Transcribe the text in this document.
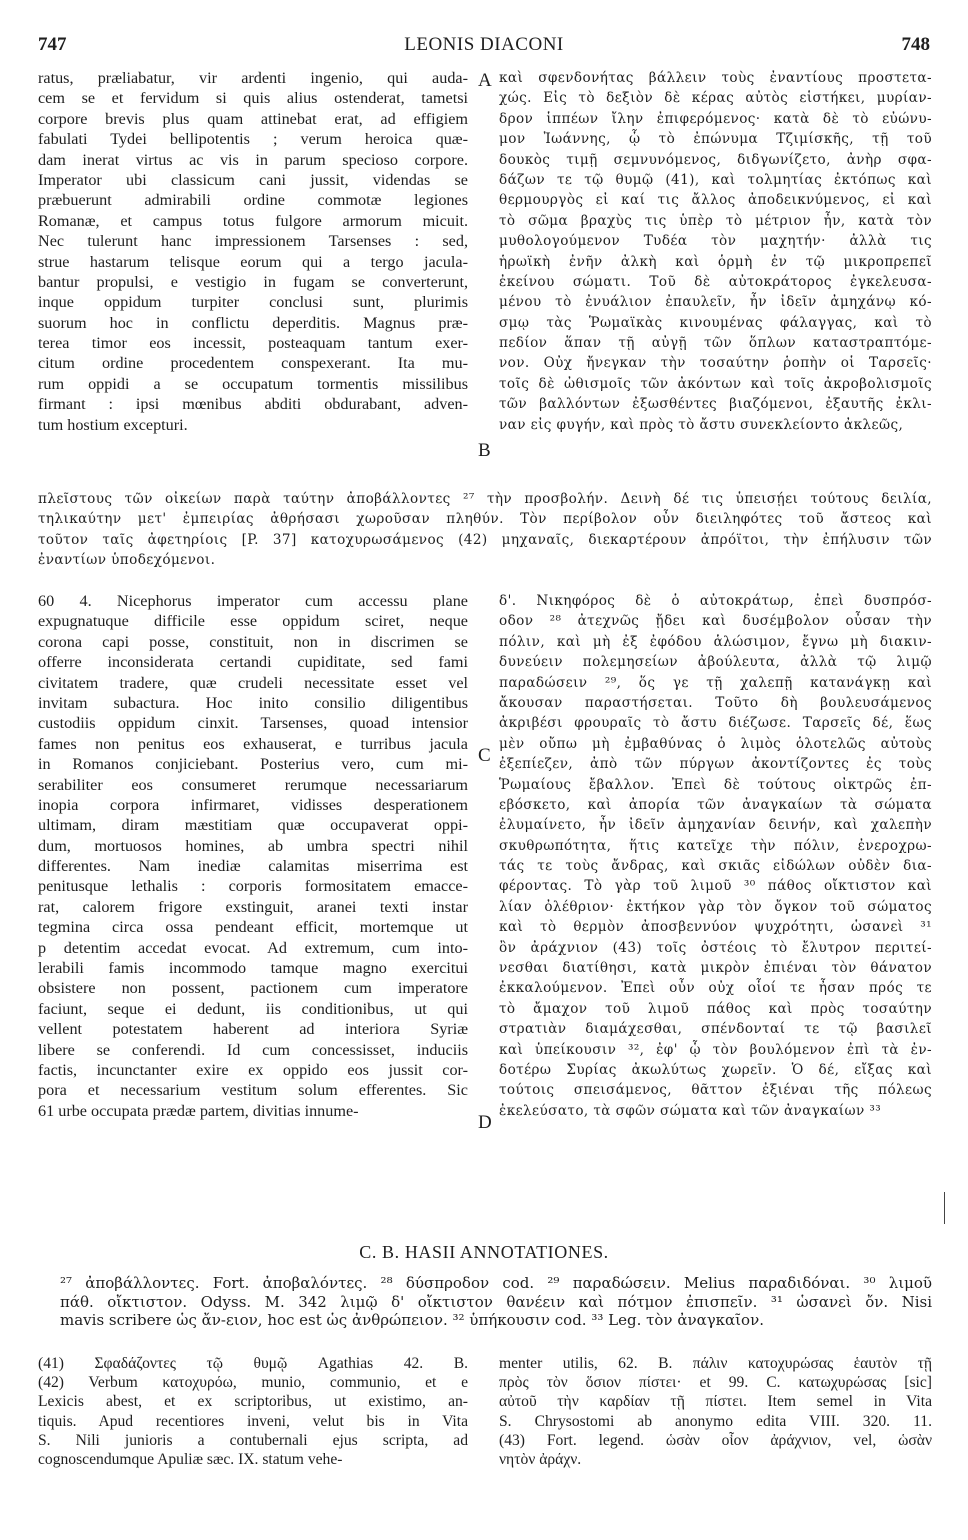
747	LEONIS DIACONI	748
ratus, præliabatur, vir ardenti ingenio, qui auda-
cem se et fervidum si quis alius ostenderat, tametsi
corpore brevis plus quam attinebat erat, ad effigiem
fabulati Tydei bellipotentis ; verum heroica quæ-
dam inerat virtus ac vis in parum specioso corpore.
Imperator ubi classicum cani jussit, videndas se
præbuerunt admirabili ordine commotæ legiones
Romanæ, et campus totus fulgore armorum micuit.
Nec tulerunt hanc impressionem Tarsenses : sed,
strue hastarum telisque eorum qui a tergo jacula-
bantur propulsi, e vestigio in fugam se converterunt,
inque oppidum turpiter conclusi sunt, plurimis
suorum hoc in conflictu deperditis. Magnus præ-
terea timor eos incessit, posteaquam tantum exer-
citum ordine procedentem conspexerant. Ita mu-
rum oppidi a se occupatum tormentis missilibus
firmant : ipsi mœnibus abditi obdurabant, adven-
tum hostium excepturi.
καὶ σφενδονήτας βάλλειν τοὺς ἐναντίους προστετα-
χώς. Εἰς τὸ δεξιὸν δὲ κέρας αὐτὸς εἱστήκει, μυρίαν-
δρον ἱππέων ἴλην ἐπιφερόμενος· κατὰ δὲ τὸ εὐώνυ-
μον Ἰωάννης, ᾧ τὸ ἐπώνυμα Τζιμίσκῆς, τῇ τοῦ
δουκὸς τιμῇ σεμνυνόμενος, διδγωνίζετο, ἀνὴρ σφα-
δάζων τε τῷ θυμῷ (41), καὶ τολμητίας ἐκτόπως καὶ
θερμουργὸς εἰ καί τις ἄλλος ἀποδεικνύμενος, εἰ καὶ
τὸ σῶμα βραχὺς τις ὑπὲρ τὸ μέτριον ἦν, κατὰ τὸν
μυθολογούμενον Τυδέα τὸν μαχητήν· ἀλλὰ τις
ἡρωϊκὴ ἐνῆν ἀλκὴ καὶ ὁρμὴ ἐν τῷ μικροπρεπεῖ
ἐκείνου σώματι. Τοῦ δὲ αὐτοκράτορος ἐγκελευσα-
μένου τὸ ἐνυάλιον ἐπαυλεῖν, ἦν ἰδεῖν ἀμηχάνῳ κό-
σμῳ τὰς Ῥωμαϊκὰς κινουμένας φάλαγγας, καὶ τὸ
πεδίον ἅπαν τῇ αὐγῇ τῶν ὅπλων καταστραπτόμε-
νον. Οὐχ ἤνεγκαν τὴν τοσαύτην ῥοπὴν οἱ Ταρσεῖς·
τοῖς δὲ ὠθισμοῖς τῶν ἀκόντων καὶ τοῖς ἀκροβολισμοῖς
τῶν βαλλόντων ἐξωσθέντες βιαζόμενοι, ἐξαυτῆς ἐκλι-
ναν εἰς φυγήν, καὶ πρὸς τὸ ἄστυ συνεκλείοντο ἀκλεῶς,
πλεῖστους τῶν οἰκείων παρὰ ταύτην ἀποβάλλοντες ²⁷ τὴν προσβολήν. Δεινὴ δέ τις ὑπεισῄει τούτους δειλία,
τηλικαύτην μετ' ἐμπειρίας ἀθρήσασι χωροῦσαν πληθύν. Τὸν περίβολον οὖν διειληφότες τοῦ ἄστεος καὶ
τοῦτον ταῖς ἀφετηρίοις [P. 37] κατοχυρωσάμενος (42) μηχαναῖς, διεκαρτέρουν ἀπρόϊτοι, τὴν ἐπήλυσιν τῶν
ἐναντίων ὑποδεχόμενοι.
60 4. Nicephorus imperator cum accessu plane
expugnatuque difficile esse oppidum sciret, neque
corona capi posse, constituit, non in discrimen se
offerre inconsiderata certandi cupiditate, sed fami
civitatem tradere, quæ crudeli necessitate esset vel
invitam subactura. Hoc inito consilio diligentibus
custodiis oppidum cinxit. Tarsenses, quoad intensior
fames non penitus eos exhauserat, e turribus jacula
in Romanos conjiciebant. Posterius vero, cum mi-
serabiliter eos consumeret rerumque necessariarum
inopia corpora infirmaret, vidisses desperationem
ultimam, diram mæstitiam quæ occupaverat oppi-
dum, mortuosos homines, ab umbra spectri nihil
differentes. Nam inediæ calamitas miserrima est
penitusque lethalis : corporis formositatem emacce-
rat, calorem frigore exstinguit, aranei texti instar
tegmina circa ossa pendeant efficit, mortemque ut
p detentim accedat evocat. Ad extremum, cum into-
lerabili famis incommodo tamque magno exercitui
obsistere non possent, pactionem cum imperatore
faciunt, seque ei dedunt, iis conditionibus, ut qui
vellent potestatem haberent ad interiora Syriæ
libere se conferendi. Id cum concessisset, induciis
factis, incunctanter exire ex oppido eos jussit cor-
pora et necessarium vestitum solum efferentes. Sic
61 urbe occupata prædæ partem, divitias innume-
δ'. Νικηφόρος δὲ ὁ αὐτοκράτωρ, ἐπεὶ δυσπρόσ-
οδον ²⁸ ἀτεχνῶς ᾔδει καὶ δυσέμβολον οὖσαν τὴν
πόλιν, καὶ μὴ ἐξ ἐφόδου ἁλώσιμον, ἔγνω μὴ διακιν-
δυνεύειν πολεμησείων ἀβούλευτα, ἀλλὰ τῷ λιμῷ
παραδώσειν ²⁹, ὅς γε τῇ χαλεπῇ κατανάγκῃ καὶ
ἄκουσαν παραστήσεται. Τοῦτο δὴ βουλευσάμενος
ἀκριβέσι φρουραῖς τὸ ἄστυ διέζωσε. Ταρσεῖς δέ, ἕως
μὲν οὔπω μὴ ἐμβαθύνας ὁ λιμὸς ὁλοτελῶς αὐτοὺς
ἐξεπίεζεν, ἀπὸ τῶν πύργων ἀκοντίζοντες ἐς τοὺς
Ῥωμαίους ἔβαλλον. Ἐπεὶ δὲ τούτους οἰκτρῶς ἐπ-
εβόσκετο, καὶ ἀπορία τῶν ἀναγκαίων τὰ σώματα
ἐλυμαίνετο, ἦν ἰδεῖν ἀμηχανίαν δεινήν, καὶ χαλεπὴν
σκυθρωπότητα, ἥτις κατεῖχε τὴν πόλιν, ἐνεροχρω-
τάς τε τοὺς ἄνδρας, καὶ σκιᾶς εἰδώλων οὐδὲν δια-
φέροντας. Τὸ γὰρ τοῦ λιμοῦ ³⁰ πάθος οἴκτιστον καὶ
λίαν ὀλέθριον· ἐκτήκον γὰρ τὸν ὄγκον τοῦ σώματος
καὶ τὸ θερμὸν ἀποσβεννύον ψυχρότητι, ὡσανεὶ ³¹
ὂν ἀράχνιον (43) τοῖς ὀστέοις τὸ ἔλυτρον περιτεί-
νεσθαι διατίθησι, κατὰ μικρὸν ἐπιέναι τὸν θάνατον
ἐκκαλούμενον. Ἐπεὶ οὖν οὐχ οἷοί τε ἦσαν πρός τε
τὸ ἄμαχον τοῦ λιμοῦ πάθος καὶ πρὸς τοσαύτην
στρατιὰν διαμάχεσθαι, σπένδονταί τε τῷ βασιλεῖ
καὶ ὑπείκουσιν ³², ἐφ' ᾧ τὸν βουλόμενον ἐπὶ τὰ ἐν-
δοτέρω Συρίας ἀκωλύτως χωρεῖν. Ὁ δέ, εἴξας καὶ
τούτοις σπεισάμενος, θᾶττον ἐξιέναι τῆς πόλεως
ἐκελεύσατο, τὰ σφῶν σώματα καὶ τῶν ἀναγκαίων ³³
A
B
C
D
C. B. HASII ANNOTATIONES.
²⁷ ἀποβάλλοντες. Fort. ἀποβαλόντες. ²⁸ δύσπροδον cod. ²⁹ παραδώσειν. Melius παραδιδόναι. ³⁰ λιμοῦ
πάθ. οἴκτιστον. Odyss. M. 342 λιμῷ δ' οἴκτιστον θανέειν καὶ πότμον ἐπισπεῖν. ³¹ ὡσανεὶ ὄν. Nisi
mavis scribere ὡς ἄν-ειον, hoc est ὡς ἀνθρώπειον. ³² ὑπήκουσιν cod. ³³ Leg. τὸν ἀναγκαῖον.
(41) Σφαδάζοντες τῷ θυμῷ Agathias 42. B.
(42) Verbum κατοχυρόω, munio, communio, et e
Lexicis abest, et ex scriptoribus, ut existimo, an-
tiquis. Apud recentiores inveni, velut bis in Vita
S. Nili junioris a contubernali ejus scripta, ad
cognoscendumque Apuliæ sæc. IX. statum vehe-
menter utilis, 62. B. πάλιν κατοχυρώσας ἑαυτὸν τῇ
πρὸς τὸν ὅσιον πίστει· et 99. C. κατωχυρώσας [sic]
αὐτοῦ τὴν καρδίαν τῇ πίστει. Item semel in Vita
S. Chrysostomi ab anonymo edita VIII. 320. 11.
(43) Fort. legend. ὡσὰν οἷον ἀράχνιον, vel, ὡσὰν
νητὸν ἀράχν.
